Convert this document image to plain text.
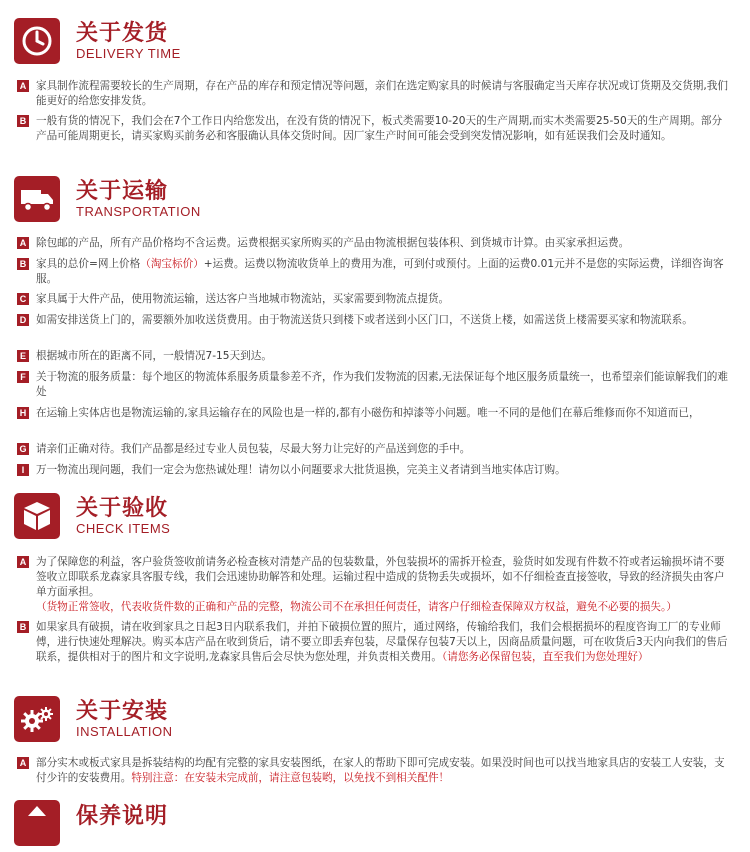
关于发货
DELIVERY TIME
A 家具制作流程需要较长的生产周期，存在产品的库存和预定情况等问题，亲们在选定购家具的时候请与客服确定当天库存状况或订货期及交货期,我们能更好的给您安排发货。
B 一般有货的情况下，我们会在7个工作日内给您发出，在没有货的情况下，板式类需要10-20天的生产周期,而实木类需要25-50天的生产周期。部分产品可能周期更长，请买家购买前务必和客服确认具体交货时间。因厂家生产时间可能会受到突发情况影响，如有延误我们会及时通知。
关于运输
TRANSPORTATION
A 除包邮的产品，所有产品价格均不含运费。运费根据买家所购买的产品由物流根据包装体积、到货城市计算。由买家承担运费。
B 家具的总价=网上价格（淘宝标价）+运费。运费以物流收货单上的费用为准，可到付或预付。上面的运费0.01元并不是您的实际运费，详细咨询客服。
C 家具属于大件产品，使用物流运输，送达客户当地城市物流站，买家需要到物流点提货。
D 如需安排送货上门的，需要额外加收送货费用。由于物流送货只到楼下或者送到小区门口，不送货上楼，如需送货上楼需要买家和物流联系。
E 根据城市所在的距离不同，一般情况7-15天到达。
F 关于物流的服务质量：每个地区的物流体系服务质量参差不齐，作为我们发物流的因素,无法保证每个地区服务质量统一，也希望亲们能谅解我们的难处
H 在运输上实体店也是物流运输的,家具运输存在的风险也是一样的,都有小磁伤和掉漆等小问题。唯一不同的是他们在幕后维修而你不知道而已，
G 请亲们正确对待。我们产品都是经过专业人员包装，尽最大努力让完好的产品送到您的手中。
I	万一物流出现问题，我们一定会为您热诚处理！请勿以小问题要求大批货退换，完美主义者请到当地实体店订购。
关于验收
CHECK ITEMS
A 为了保障您的利益，客户验货签收前请务必检查核对清楚产品的包装数量，外包装损坏的需拆开检查，验货时如发现有件数不符或者运输损坏请不要签收立即联系龙森家具客服专线，我们会迅速协助解答和处理。运输过程中造成的货物丢失或损坏，如不仔细检查直接签收，导致的经济损失由客户单方面承担。（货物正常签收，代表收货件数的正确和产品的完整，物流公司不在承担任何责任，请客户仔细检查保障双方权益，避免不必要的损失。）
B 如果家具有破损，请在收到家具之日起3日内联系我们，并拍下破损位置的照片，通过网络，传输给我们，我们会根据损坏的程度咨询工厂的专业师傅，进行快速处理解决。购买本店产品在收到货后，请不要立即丢弃包装，尽量保存包装7天以上，因商品质量问题，可在收货后3天内向我们的售后联系，提供相对于的图片和文字说明,龙森家具售后会尽快为您处理，并负责相关费用。（请您务必保留包装，直至我们为您处理好）
关于安装
INSTALLATION
A 部分实木或板式家具是拆装结构的均配有完整的家具安装图纸，在家人的帮助下即可完成安装。如果没时间也可以找当地家具店的安装工人安装，支付少许的安装费用。特别注意：在安装未完成前，请注意包装哟，以免找不到相关配件！
保养说明
